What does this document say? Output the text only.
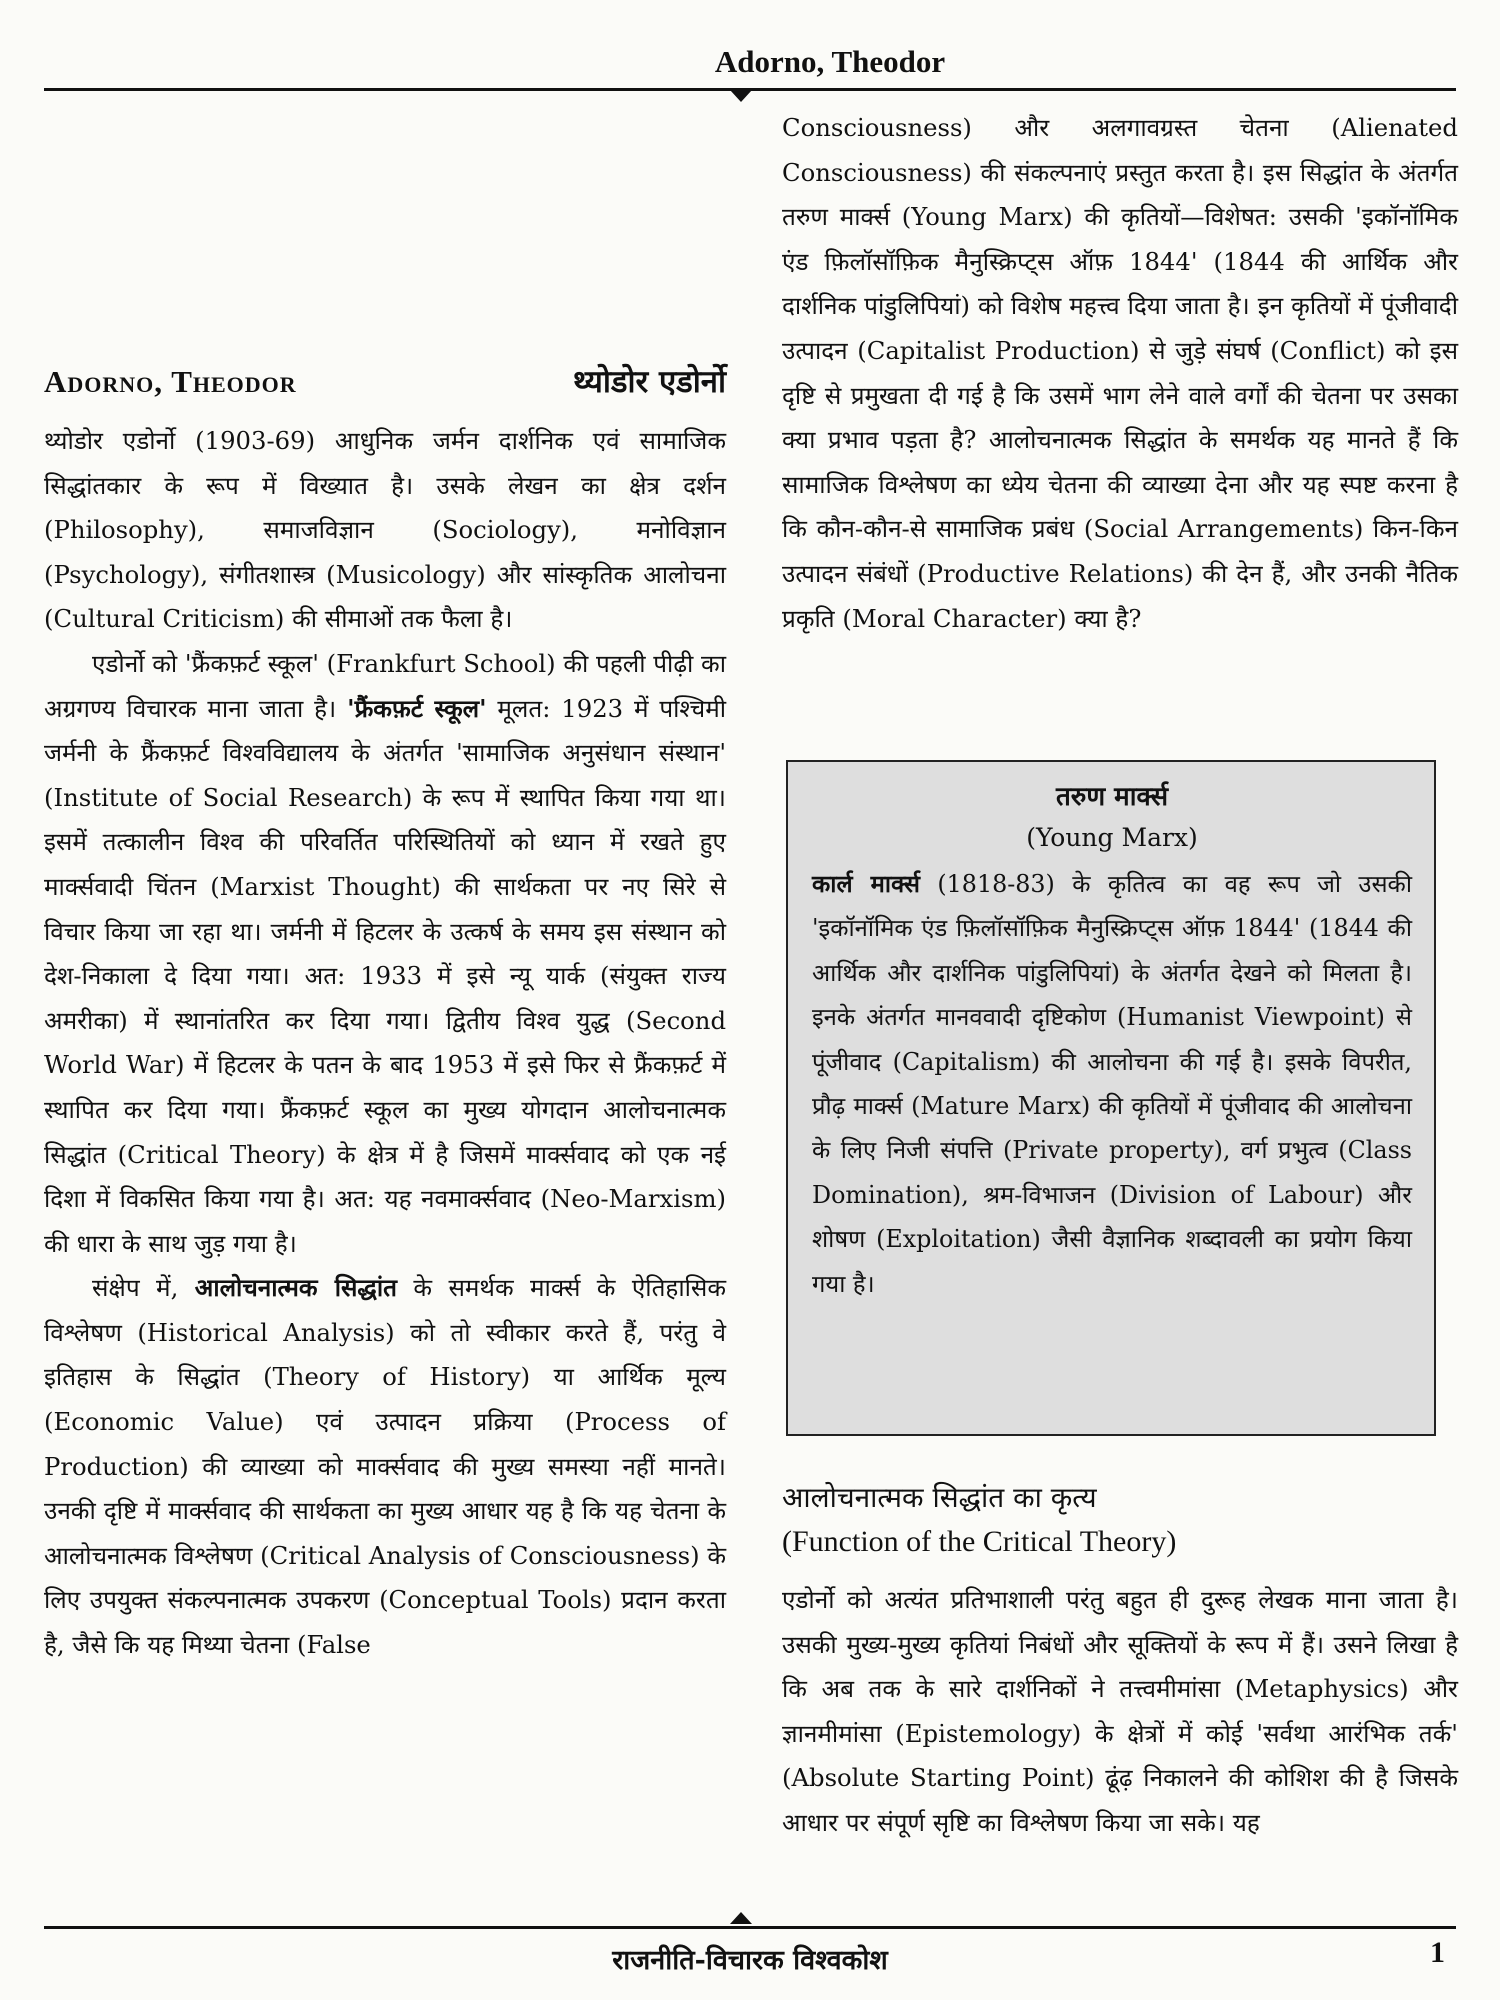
Adorno, Theodor
Adorno, Theodor	थ्योडोर एडोर्नो

थ्योडोर एडोर्नो (1903-69) आधुनिक जर्मन दार्शनिक एवं सामाजिक सिद्धांतकार के रूप में विख्यात है। उसके लेखन का क्षेत्र दर्शन (Philosophy), समाजविज्ञान (Sociology), मनोविज्ञान (Psychology), संगीतशास्त्र (Musicology) और सांस्कृतिक आलोचना (Cultural Criticism) की सीमाओं तक फैला है।

एडोर्नो को 'फ्रैंकफ़र्ट स्कूल' (Frankfurt School) की पहली पीढ़ी का अग्रगण्य विचारक माना जाता है। 'फ्रैंकफ़र्ट स्कूल' मूलत: 1923 में पश्चिमी जर्मनी के फ्रैंकफ़र्ट विश्वविद्यालय के अंतर्गत 'सामाजिक अनुसंधान संस्थान' (Institute of Social Research) के रूप में स्थापित किया गया था। इसमें तत्कालीन विश्व की परिवर्तित परिस्थितियों को ध्यान में रखते हुए मार्क्सवादी चिंतन (Marxist Thought) की सार्थकता पर नए सिरे से विचार किया जा रहा था। जर्मनी में हिटलर के उत्कर्ष के समय इस संस्थान को देश-निकाला दे दिया गया। अत: 1933 में इसे न्यू यार्क (संयुक्त राज्य अमरीका) में स्थानांतरित कर दिया गया। द्वितीय विश्व युद्ध (Second World War) में हिटलर के पतन के बाद 1953 में इसे फिर से फ्रैंकफ़र्ट में स्थापित कर दिया गया। फ्रैंकफ़र्ट स्कूल का मुख्य योगदान आलोचनात्मक सिद्धांत (Critical Theory) के क्षेत्र में है जिसमें मार्क्सवाद को एक नई दिशा में विकसित किया गया है। अत: यह नवमार्क्सवाद (Neo-Marxism) की धारा के साथ जुड़ गया है।

संक्षेप में, आलोचनात्मक सिद्धांत के समर्थक मार्क्स के ऐतिहासिक विश्लेषण (Historical Analysis) को तो स्वीकार करते हैं, परंतु वे इतिहास के सिद्धांत (Theory of History) या आर्थिक मूल्य (Economic Value) एवं उत्पादन प्रक्रिया (Process of Production) की व्याख्या को मार्क्सवाद की मुख्य समस्या नहीं मानते। उनकी दृष्टि में मार्क्सवाद की सार्थकता का मुख्य आधार यह है कि यह चेतना के आलोचनात्मक विश्लेषण (Critical Analysis of Consciousness) के लिए उपयुक्त संकल्पनात्मक उपकरण (Conceptual Tools) प्रदान करता है, जैसे कि यह मिथ्या चेतना (False

Consciousness) और अलगावग्रस्त चेतना (Alienated Consciousness) की संकल्पनाएं प्रस्तुत करता है। इस सिद्धांत के अंतर्गत तरुण मार्क्स (Young Marx) की कृतियों—विशेषत: उसकी 'इकॉनॉमिक एंड फ़िलॉसॉफ़िक मैनुस्क्रिप्ट्स ऑफ़ 1844' (1844 की आर्थिक और दार्शनिक पांडुलिपियां) को विशेष महत्त्व दिया जाता है। इन कृतियों में पूंजीवादी उत्पादन (Capitalist Production) से जुड़े संघर्ष (Conflict) को इस दृष्टि से प्रमुखता दी गई है कि उसमें भाग लेने वाले वर्गों की चेतना पर उसका क्या प्रभाव पड़ता है? आलोचनात्मक सिद्धांत के समर्थक यह मानते हैं कि सामाजिक विश्लेषण का ध्येय चेतना की व्याख्या देना और यह स्पष्ट करना है कि कौन-कौन-से सामाजिक प्रबंध (Social Arrangements) किन-किन उत्पादन संबंधों (Productive Relations) की देन हैं, और उनकी नैतिक प्रकृति (Moral Character) क्या है?

तरुण मार्क्स
(Young Marx)
कार्ल मार्क्स (1818-83) के कृतित्व का वह रूप जो उसकी 'इकॉनॉमिक एंड फ़िलॉसॉफ़िक मैनुस्क्रिप्ट्स ऑफ़ 1844' (1844 की आर्थिक और दार्शनिक पांडुलिपियां) के अंतर्गत देखने को मिलता है। इनके अंतर्गत मानववादी दृष्टिकोण (Humanist Viewpoint) से पूंजीवाद (Capitalism) की आलोचना की गई है। इसके विपरीत, प्रौढ़ मार्क्स (Mature Marx) की कृतियों में पूंजीवाद की आलोचना के लिए निजी संपत्ति (Private property), वर्ग प्रभुत्व (Class Domination), श्रम-विभाजन (Division of Labour) और शोषण (Exploitation) जैसी वैज्ञानिक शब्दावली का प्रयोग किया गया है।
आलोचनात्मक सिद्धांत का कृत्य
(Function of the Critical Theory)

एडोर्नो को अत्यंत प्रतिभाशाली परंतु बहुत ही दुरूह लेखक माना जाता है। उसकी मुख्य-मुख्य कृतियां निबंधों और सूक्तियों के रूप में हैं। उसने लिखा है कि अब तक के सारे दार्शनिकों ने तत्त्वमीमांसा (Metaphysics) और ज्ञानमीमांसा (Epistemology) के क्षेत्रों में कोई 'सर्वथा आरंभिक तर्क' (Absolute Starting Point) ढूंढ़ निकालने की कोशिश की है जिसके आधार पर संपूर्ण सृष्टि का विश्लेषण किया जा सके। यह

राजनीति-विचारक विश्वकोश	1
